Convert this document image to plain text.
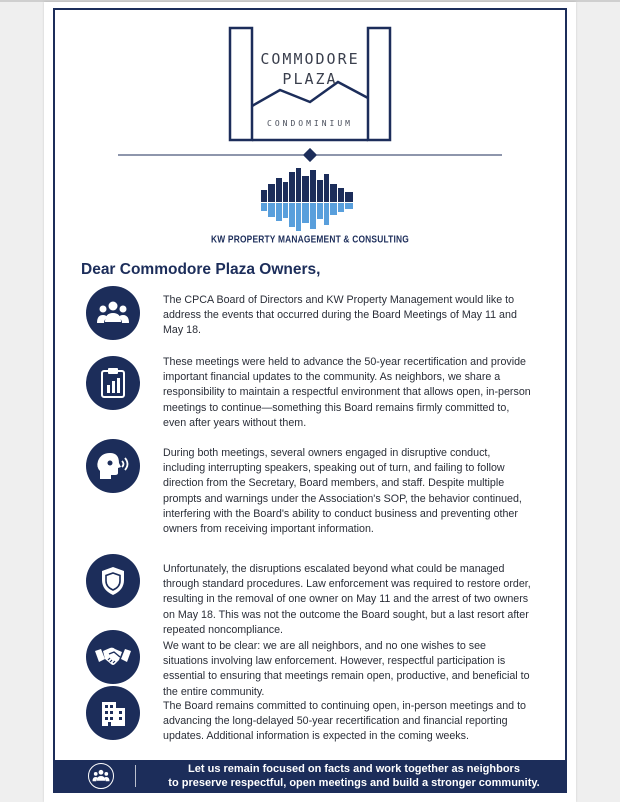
COMMODORE
PLAZA
CONDOMINIUM
KW PROPERTY MANAGEMENT & CONSULTING
Dear Commodore Plaza Owners,

The CPCA Board of Directors and KW Property Management would like to address the events that occurred during the Board Meetings of May 11 and May 18.

These meetings were held to advance the 50-year recertification and provide important financial updates to the community. As neighbors, we share a responsibility to maintain a respectful environment that allows open, in-person meetings to continue—something this Board remains firmly committed to, even after years without them.

During both meetings, several owners engaged in disruptive conduct, including interrupting speakers, speaking out of turn, and failing to follow direction from the Secretary, Board members, and staff. Despite multiple prompts and warnings under the Association's SOP, the behavior continued, interfering with the Board's ability to conduct business and preventing other owners from receiving important information.

Unfortunately, the disruptions escalated beyond what could be managed through standard procedures. Law enforcement was required to restore order, resulting in the removal of one owner on May 11 and the arrest of two owners on May 18. This was not the outcome the Board sought, but a last resort after repeated noncompliance.

We want to be clear: we are all neighbors, and no one wishes to see situations involving law enforcement. However, respectful participation is essential to ensuring that meetings remain open, productive, and beneficial to the entire community.

The Board remains committed to continuing open, in-person meetings and to advancing the long-delayed 50-year recertification and financial reporting updates. Additional information is expected in the coming weeks.

Let us remain focused on facts and work together as neighbors
to preserve respectful, open meetings and build a stronger community.
